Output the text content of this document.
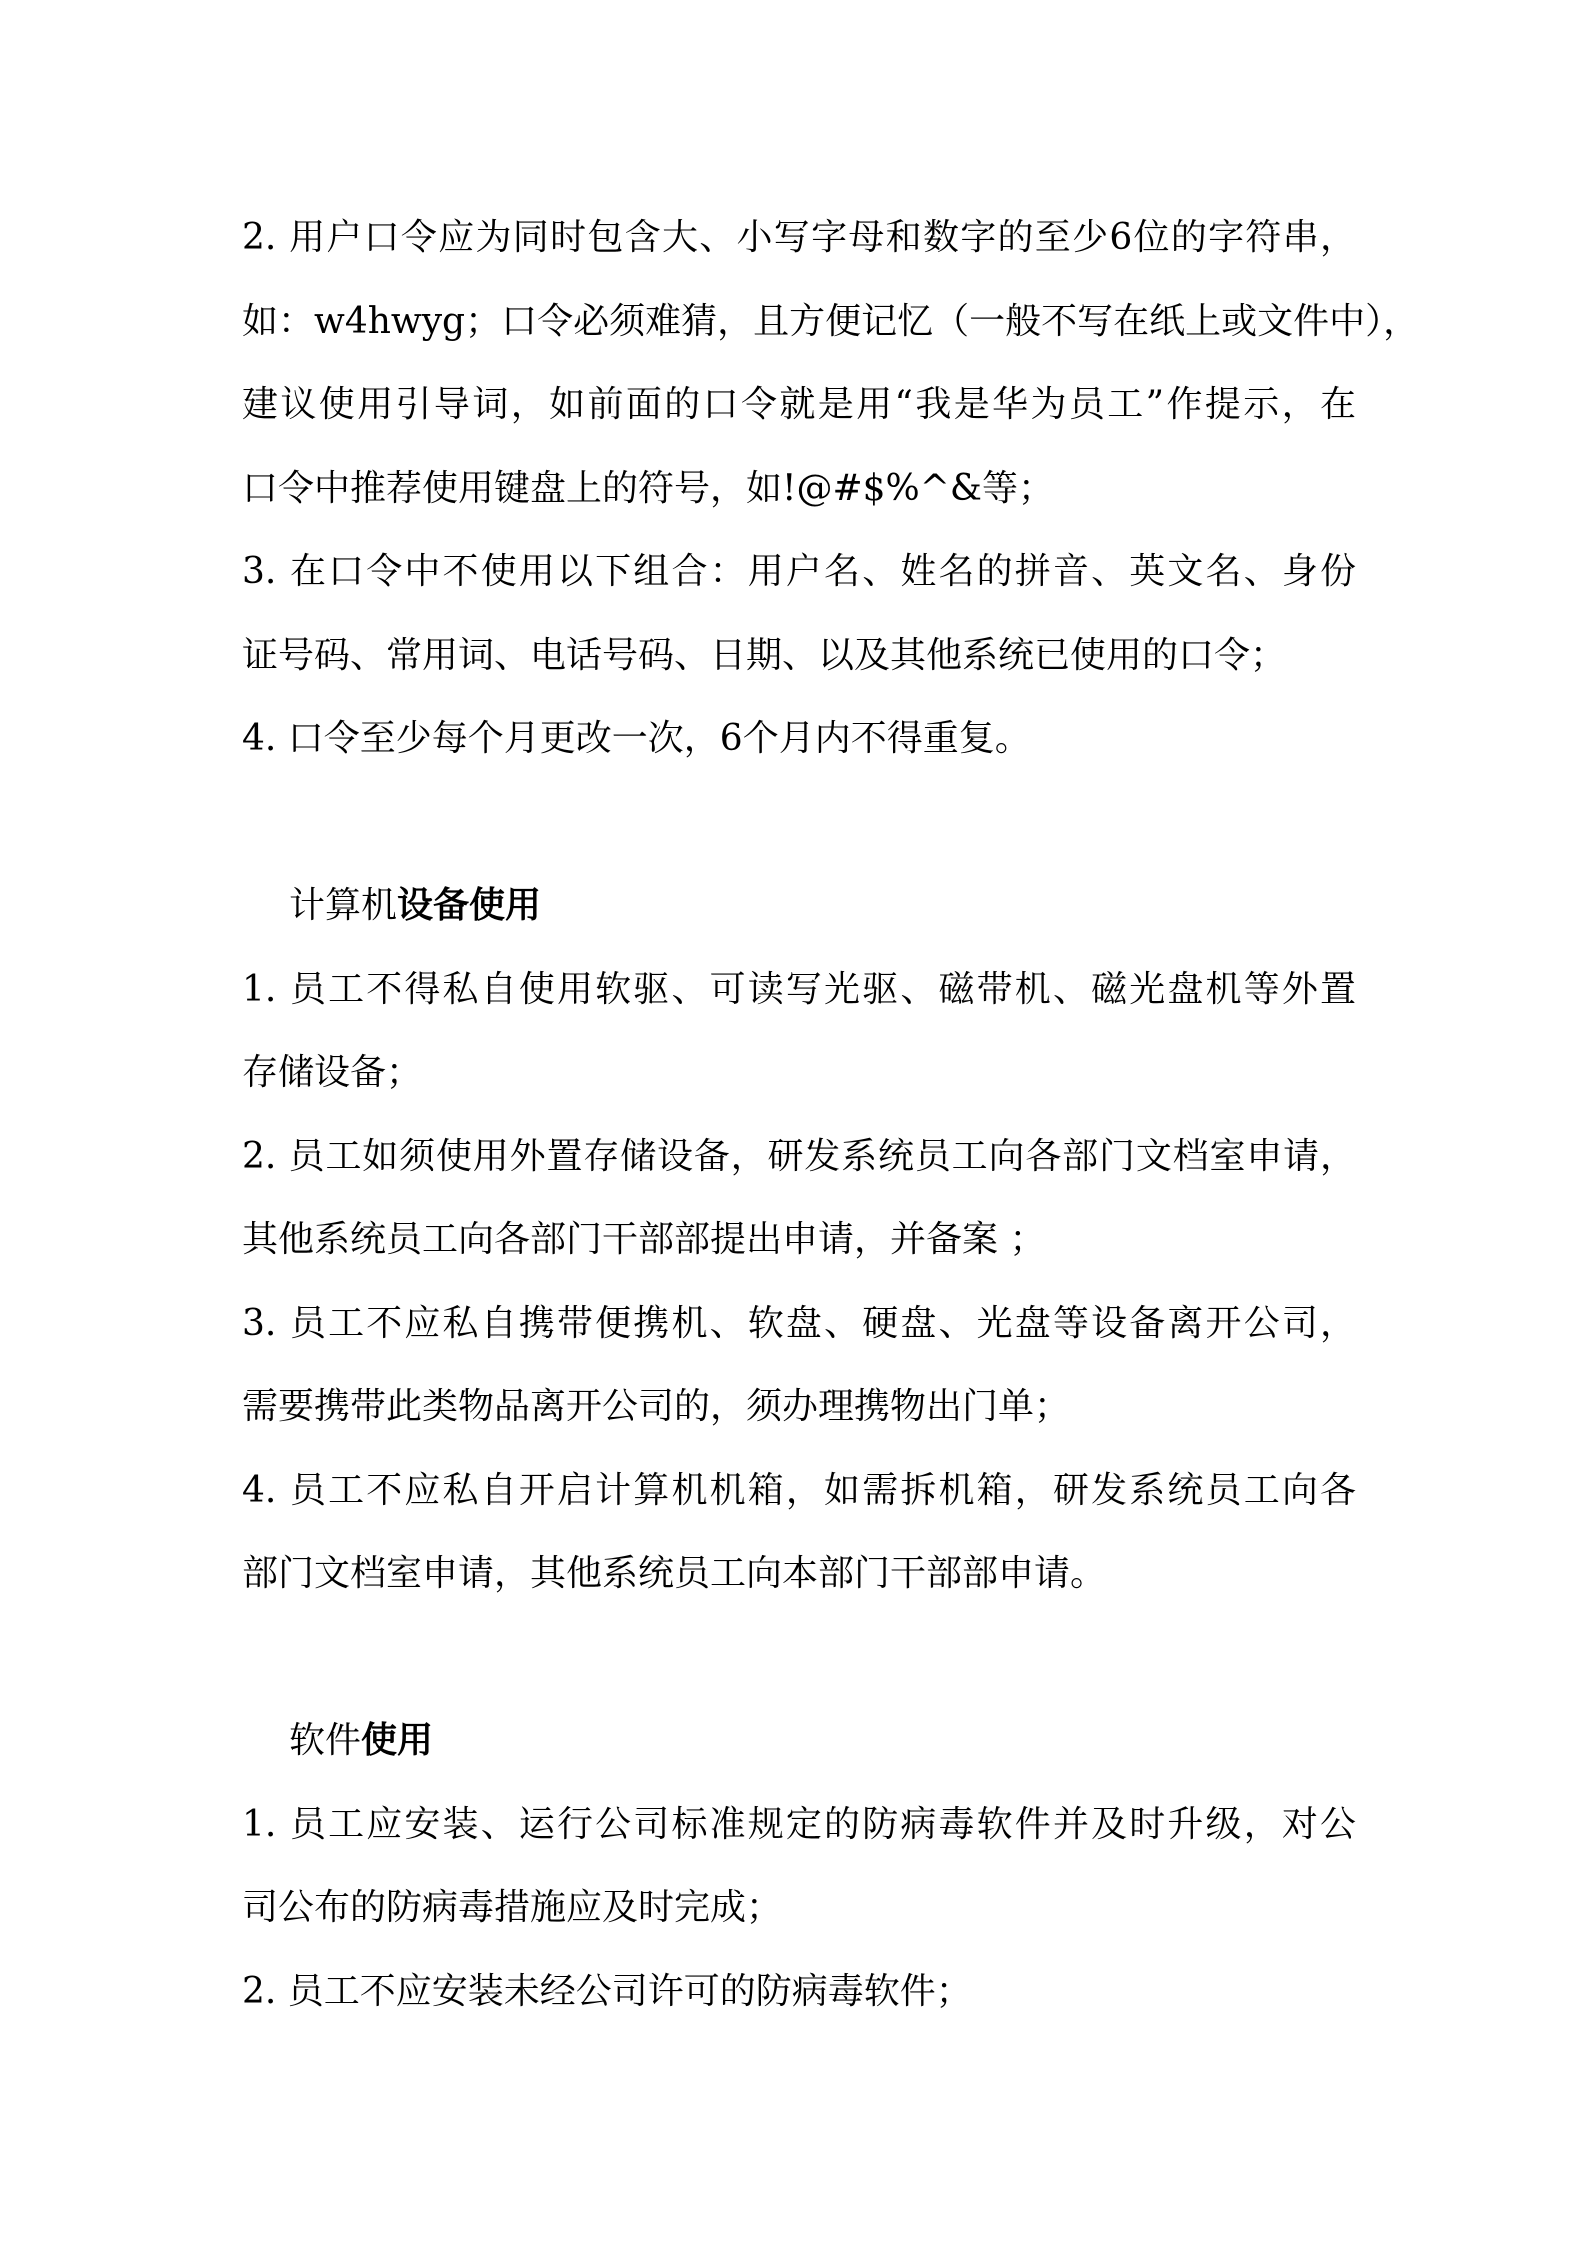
2. 用户口令应为同时包含大、小写字母和数字的至少6位的字符串，
如：w4hwyg；口令必须难猜，且方便记忆（一般不写在纸上或文件中），
建议使用引导词，如前面的口令就是用“我是华为员工”作提示，在
口令中推荐使用键盘上的符号，如!@#$%^&等；
3. 在口令中不使用以下组合：用户名、姓名的拼音、英文名、身份
证号码、常用词、电话号码、日期、以及其他系统已使用的口令；
4. 口令至少每个月更改一次，6个月内不得重复。
计算机设备使用
1. 员工不得私自使用软驱、可读写光驱、磁带机、磁光盘机等外置
存储设备；
2. 员工如须使用外置存储设备，研发系统员工向各部门文档室申请，
其他系统员工向各部门干部部提出申请，并备案 ；
3. 员工不应私自携带便携机、软盘、硬盘、光盘等设备离开公司，
需要携带此类物品离开公司的，须办理携物出门单；
4. 员工不应私自开启计算机机箱，如需拆机箱，研发系统员工向各
部门文档室申请，其他系统员工向本部门干部部申请。
软件使用
1. 员工应安装、运行公司标准规定的防病毒软件并及时升级，对公
司公布的防病毒措施应及时完成；
2. 员工不应安装未经公司许可的防病毒软件；
